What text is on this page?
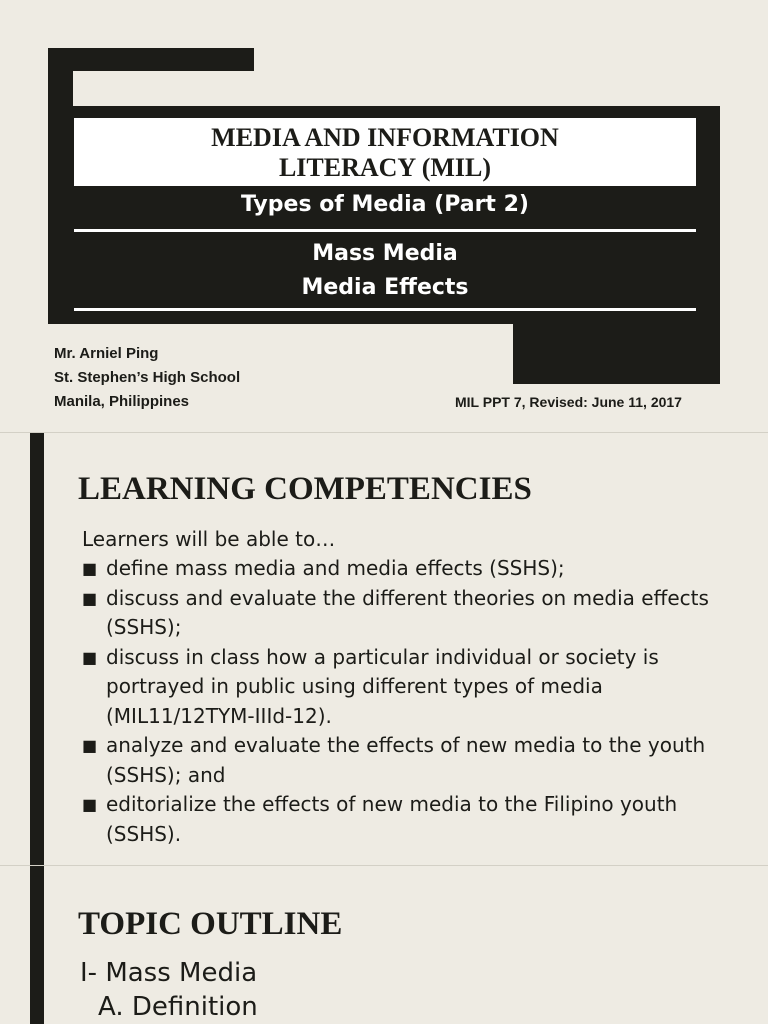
MEDIA AND INFORMATION
LITERACY (MIL)
Types of Media (Part 2)
Mass Media
Media Effects
Mr. Arniel Ping
St. Stephen’s High School
Manila, Philippines	MIL PPT 7, Revised: June 11, 2017
LEARNING COMPETENCIES
Learners will be able to…
■ define mass media and media effects (SSHS);
■ discuss and evaluate the different theories on media effects (SSHS);
■ discuss in class how a particular individual or society is portrayed in public using different types of media (MIL11/12TYM-IIId-12).
■ analyze and evaluate the effects of new media to the youth (SSHS); and
■ editorialize the effects of new media to the Filipino youth (SSHS).
TOPIC OUTLINE
I- Mass Media
A. Definition
